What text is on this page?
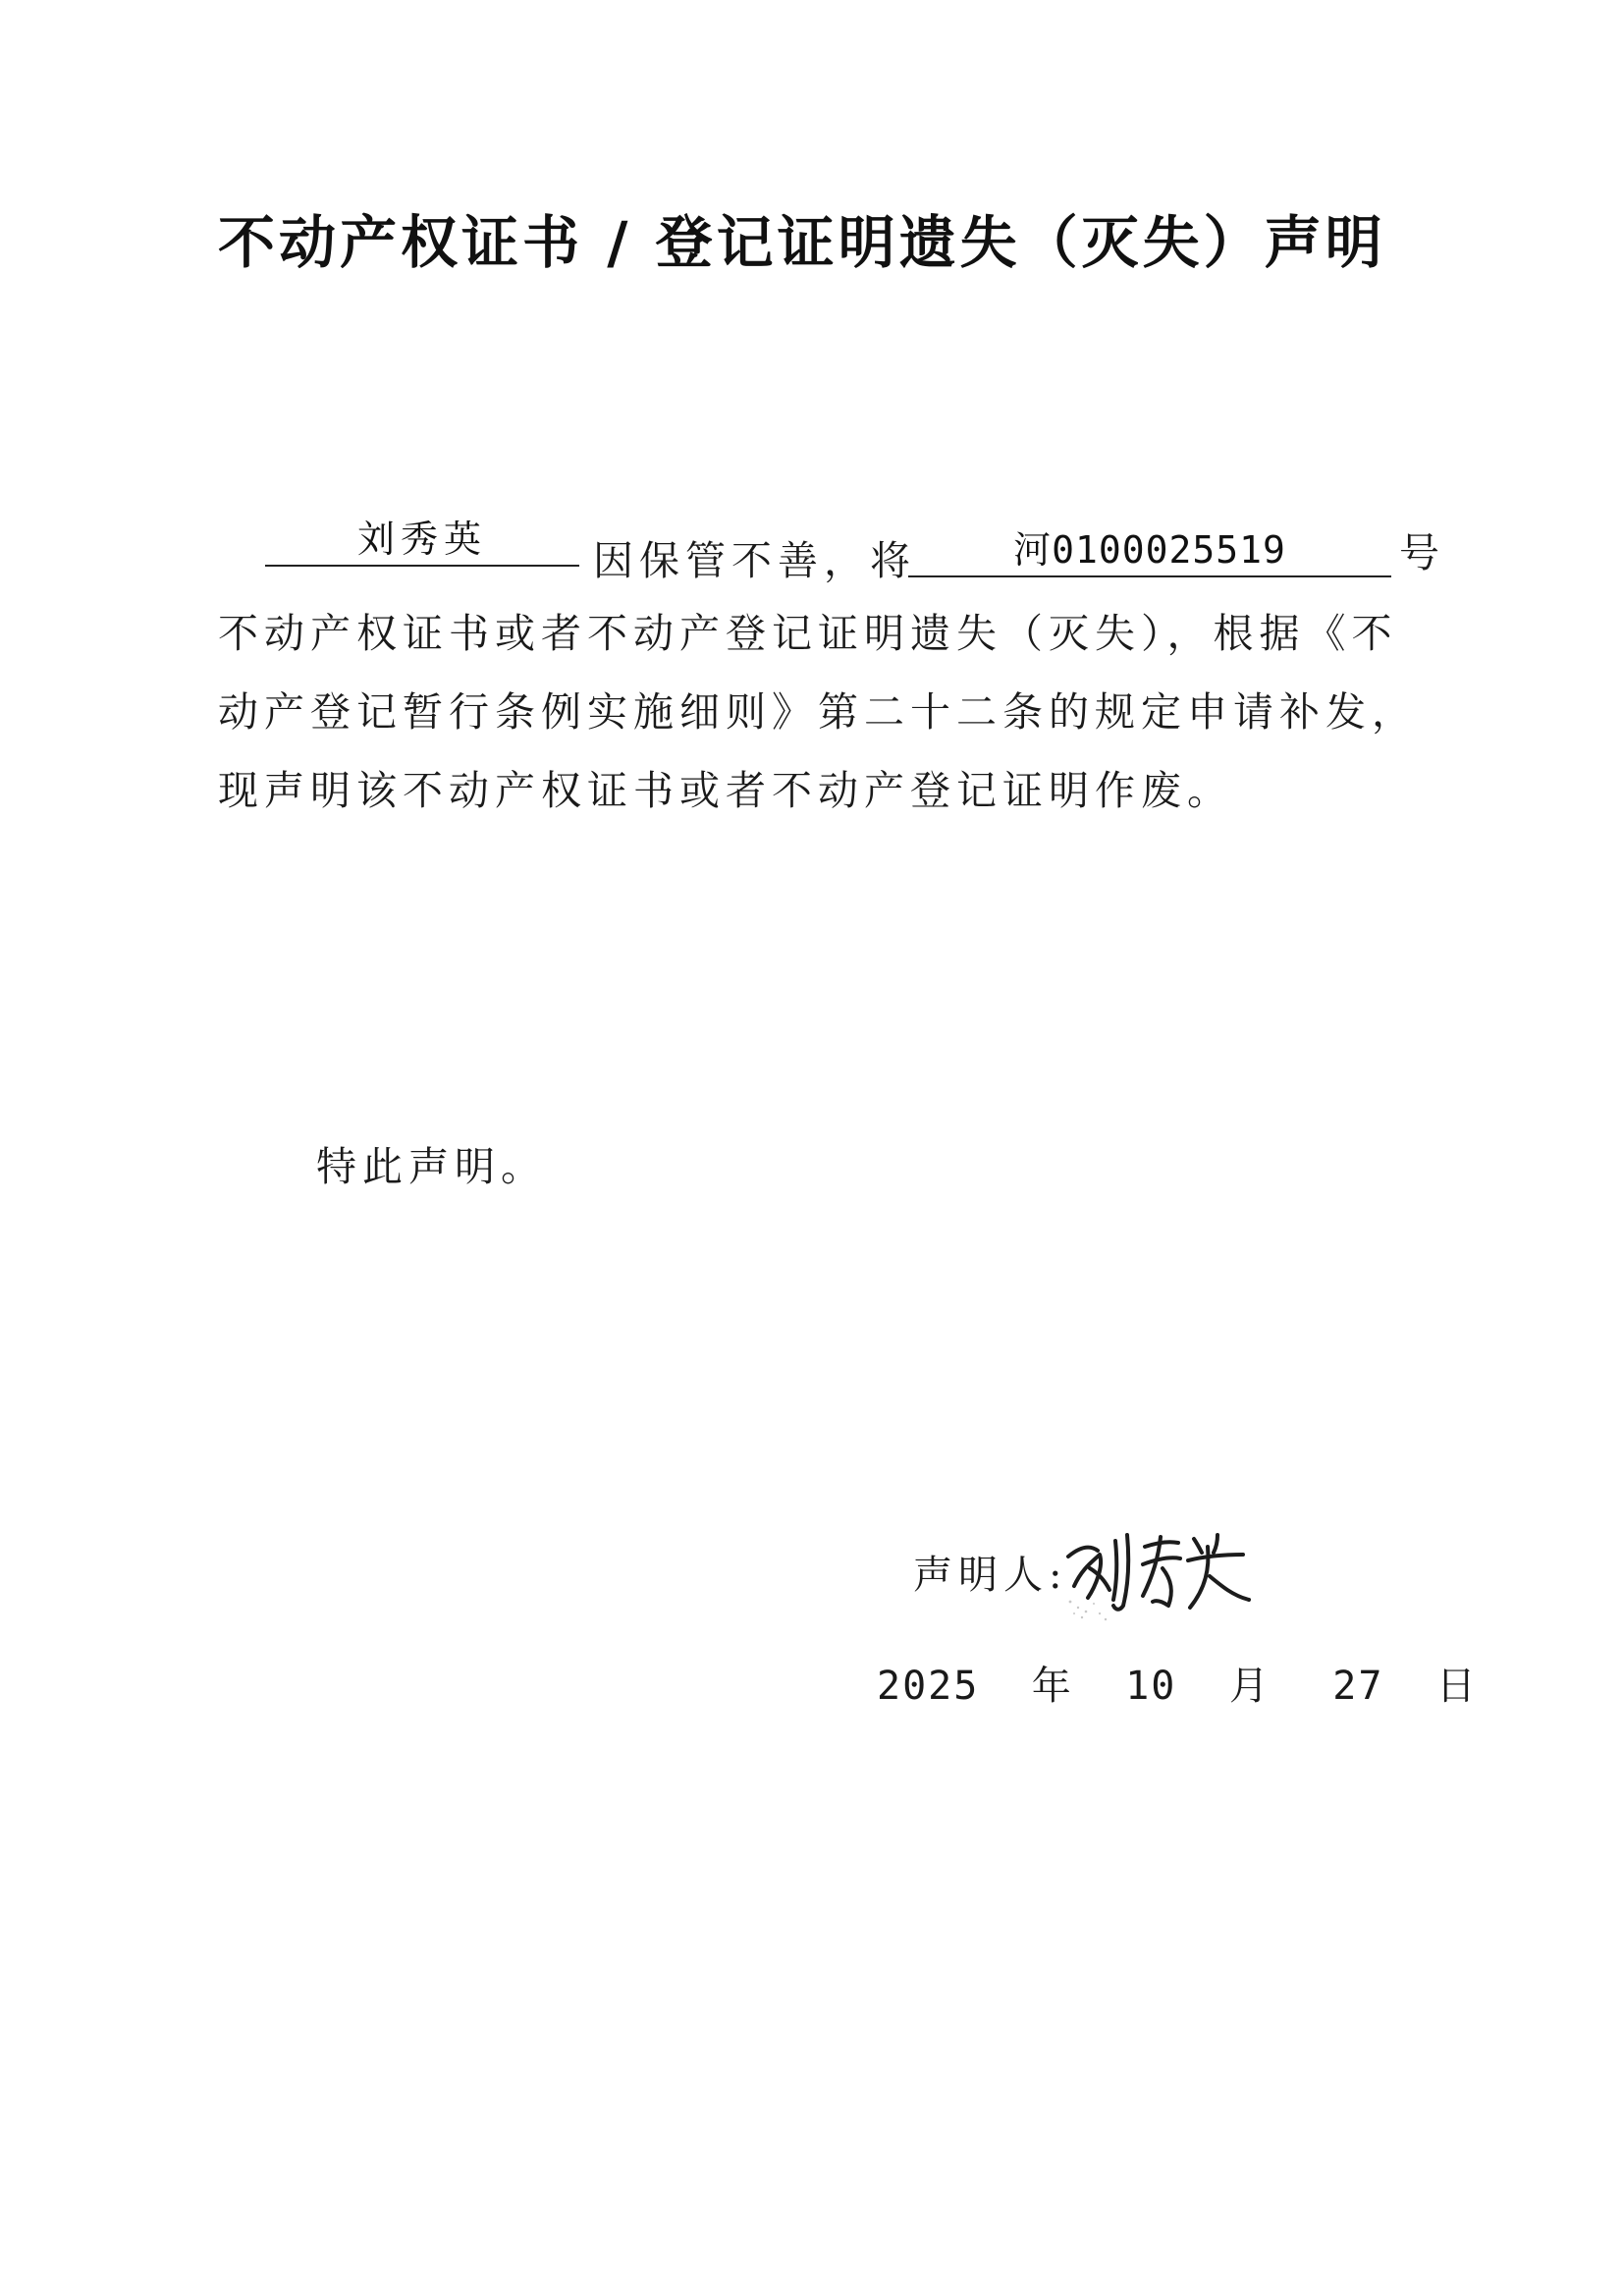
不动产权证书 / 登记证明遗失（灭失）声明
刘秀英	因保管不善，将	河0100025519	号
不动产权证书或者不动产登记证明遗失（灭失），根据《不
动产登记暂行条例实施细则》第二十二条的规定申请补发，
现声明该不动产权证书或者不动产登记证明作废。
特此声明。
声明人:
2025 年 10 月 27 日
